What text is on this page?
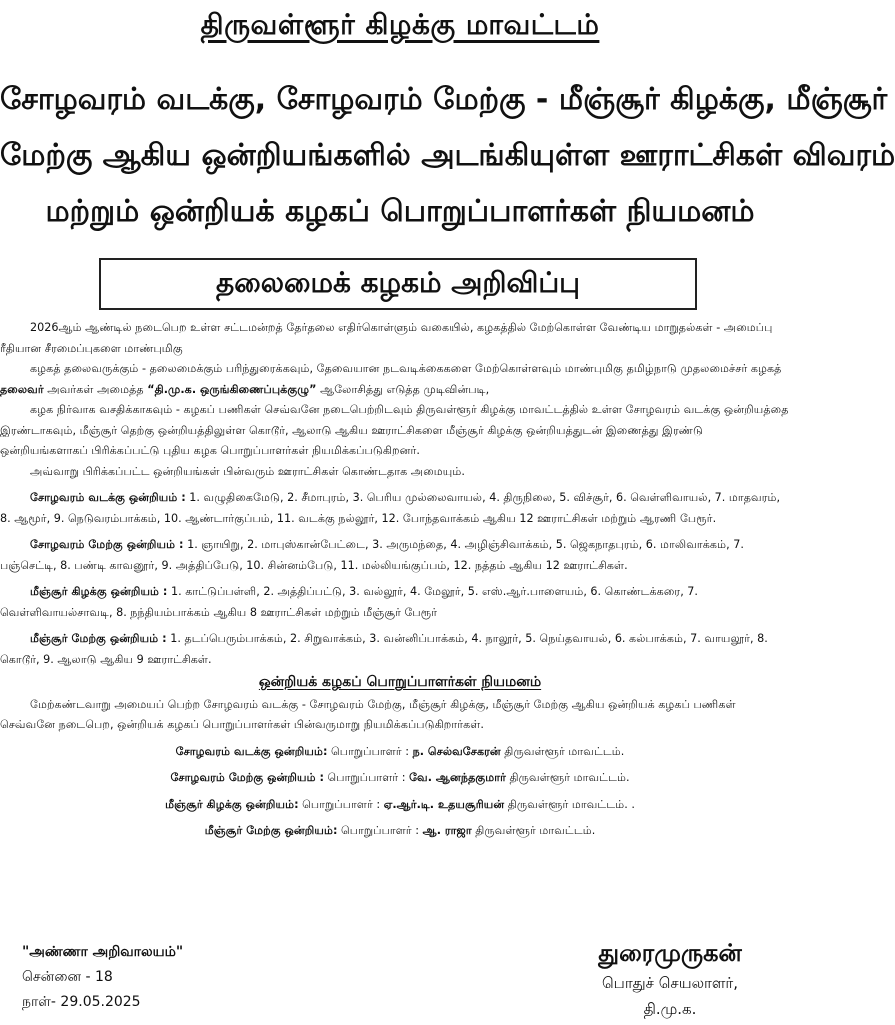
திருவள்ளூர் கிழக்கு மாவட்டம்
சோழவரம் வடக்கு, சோழவரம் மேற்கு - மீஞ்சூர் கிழக்கு, மீஞ்சூர்
மேற்கு ஆகிய ஒன்றியங்களில் அடங்கியுள்ள ஊராட்சிகள் விவரம்
மற்றும் ஒன்றியக் கழகப் பொறுப்பாளர்கள் நியமனம்
தலைமைக் கழகம் அறிவிப்பு

2026ஆம் ஆண்டில் நடைபெற உள்ள சட்டமன்றத் தேர்தலை எதிர்கொள்ளும் வகையில், கழகத்தில் மேற்கொள்ள வேண்டிய மாறுதல்கள் - அமைப்பு ரீதியான சீரமைப்புகளை மாண்புமிகு

கழகத் தலைவருக்கும் - தலைமைக்கும் பரிந்துரைக்கவும், தேவையான நடவடிக்கைகளை மேற்கொள்ளவும் மாண்புமிகு தமிழ்நாடு முதலமைச்சர் கழகத் தலைவர் அவர்கள் அமைத்த “தி.மு.க. ஒருங்கிணைப்புக்குழு” ஆலோசித்து எடுத்த முடிவின்படி,

கழக நிர்வாக வசதிக்காகவும் - கழகப் பணிகள் செவ்வனே நடைபெற்றிடவும் திருவள்ளூர் கிழக்கு மாவட்டத்தில் உள்ள சோழவரம் வடக்கு ஒன்றியத்தை இரண்டாகவும், மீஞ்சூர் தெற்கு ஒன்றியத்திலுள்ள கொடூர், ஆலாடு ஆகிய ஊராட்சிகளை மீஞ்சூர் கிழக்கு ஒன்றியத்துடன் இணைத்து இரண்டு ஒன்றியங்களாகப் பிரிக்கப்பட்டு புதிய கழக பொறுப்பாளர்கள் நியமிக்கப்படுகிறனர்.

அவ்வாறு பிரிக்கப்பட்ட ஒன்றியங்கள் பின்வரும் ஊராட்சிகள் கொண்டதாக அமையும்.

சோழவரம் வடக்கு ஒன்றியம் : 1. வழுதிகைமேடு, 2. சீமாபுரம், 3. பெரிய முல்லைவாயல், 4. திருநிலை, 5. விச்சூர், 6. வெள்ளிவாயல், 7. மாதவரம், 8. ஆமூர், 9. நெடுவரம்பாக்கம், 10. ஆண்டார்குப்பம், 11. வடக்கு நல்லூர், 12. போந்தவாக்கம் ஆகிய 12 ஊராட்சிகள் மற்றும் ஆரணி பேரூர்.

சோழவரம் மேற்கு ஒன்றியம் : 1. ஞாயிறு, 2. மாபுஸ்கான்பேட்டை, 3. அருமந்தை, 4. அழிஞ்சிவாக்கம், 5. ஜெகநாதபுரம், 6. மாலிவாக்கம், 7. பஞ்செட்டி, 8. பண்டி காவனூர், 9. அத்திப்பேடு, 10. சின்னம்பேடு, 11. மல்லியங்குப்பம், 12. நத்தம் ஆகிய 12 ஊராட்சிகள்.

மீஞ்சூர் கிழக்கு ஒன்றியம் : 1. காட்டுப்பள்ளி, 2. அத்திப்பட்டு, 3. வல்லூர், 4. மேலூர், 5. எஸ்.ஆர்.பாளையம், 6. கொண்டக்கரை, 7. வெள்ளிவாயல்சாவடி, 8. நந்தியம்பாக்கம் ஆகிய 8 ஊராட்சிகள் மற்றும் மீஞ்சூர் பேரூர்

மீஞ்சூர் மேற்கு ஒன்றியம் : 1. தடப்பெரும்பாக்கம், 2. சிறுவாக்கம், 3. வன்னிப்பாக்கம், 4. நாலூர், 5. நெய்தவாயல், 6. கல்பாக்கம், 7. வாயலூர், 8. கொடூர், 9. ஆலாடு ஆகிய 9 ஊராட்சிகள்.

ஒன்றியக் கழகப் பொறுப்பாளர்கள் நியமனம்

மேற்கண்டவாறு அமையப் பெற்ற சோழவரம் வடக்கு - சோழவரம் மேற்கு, மீஞ்சூர் கிழக்கு, மீஞ்சூர் மேற்கு ஆகிய ஒன்றியக் கழகப் பணிகள் செவ்வனே நடைபெற, ஒன்றியக் கழகப் பொறுப்பாளர்கள் பின்வருமாறு நியமிக்கப்படுகிறார்கள்.

சோழவரம் வடக்கு ஒன்றியம்: பொறுப்பாளர் : ந. செல்வசேகரன் திருவள்ளூர் மாவட்டம்.

சோழவரம் மேற்கு ஒன்றியம் : பொறுப்பாளர் : வே. ஆனந்தகுமார் திருவள்ளூர் மாவட்டம்.

மீஞ்சூர் கிழக்கு ஒன்றியம்: பொறுப்பாளர் : ஏ.ஆர்.டி. உதயசூரியன் திருவள்ளூர் மாவட்டம். .

மீஞ்சூர் மேற்கு ஒன்றியம்: பொறுப்பாளர் : ஆ. ராஜா திருவள்ளூர் மாவட்டம்.

"அண்ணா அறிவாலயம்"
சென்னை - 18
நாள்- 29.05.2025
துரைமுருகன்
பொதுச் செயலாளர்,
தி.மு.க.
